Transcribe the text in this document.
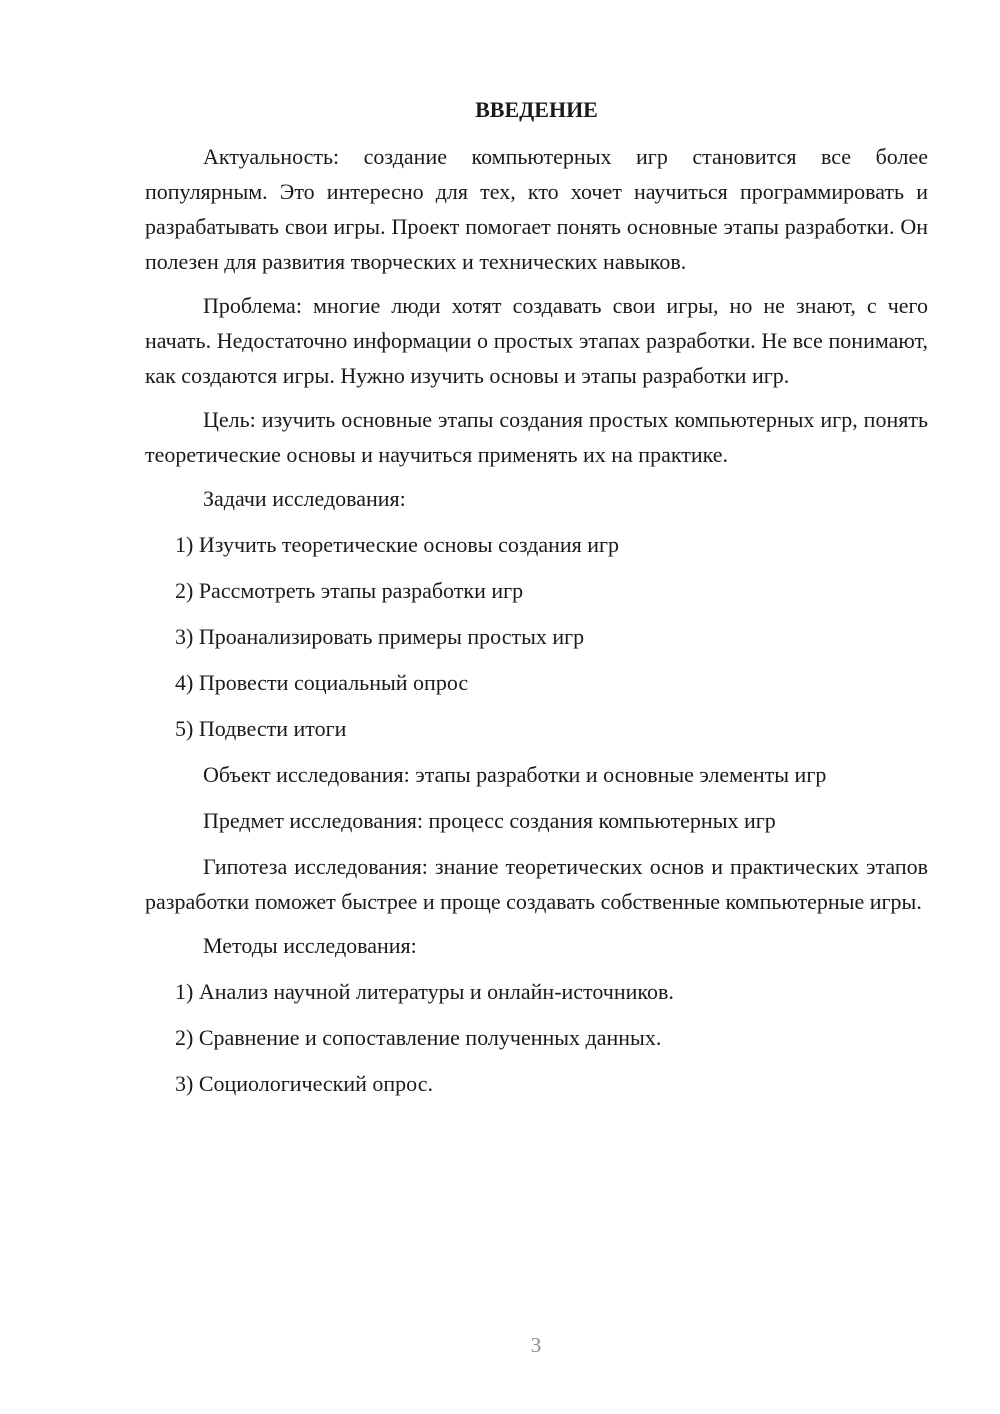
ВВЕДЕНИЕ

Актуальность: создание компьютерных игр становится все более популярным. Это интересно для тех, кто хочет научиться программировать и разрабатывать свои игры. Проект помогает понять основные этапы разработки. Он полезен для развития творческих и технических навыков.

Проблема: многие люди хотят создавать свои игры, но не знают, с чего начать. Недостаточно информации о простых этапах разработки. Не все понимают, как создаются игры. Нужно изучить основы и этапы разработки игр.

Цель: изучить основные этапы создания простых компьютерных игр, понять теоретические основы и научиться применять их на практике.

Задачи исследования:
1) Изучить теоретические основы создания игр
2) Рассмотреть этапы разработки игр
3) Проанализировать примеры простых игр
4) Провести социальный опрос
5) Подвести итоги
Объект исследования: этапы разработки и основные элементы игр
Предмет исследования: процесс создания компьютерных игр

Гипотеза исследования: знание теоретических основ и практических этапов разработки поможет быстрее и проще создавать собственные компьютерные игры.

Методы исследования:
1) Анализ научной литературы и онлайн-источников.
2) Сравнение и сопоставление полученных данных.
3) Социологический опрос.
3
